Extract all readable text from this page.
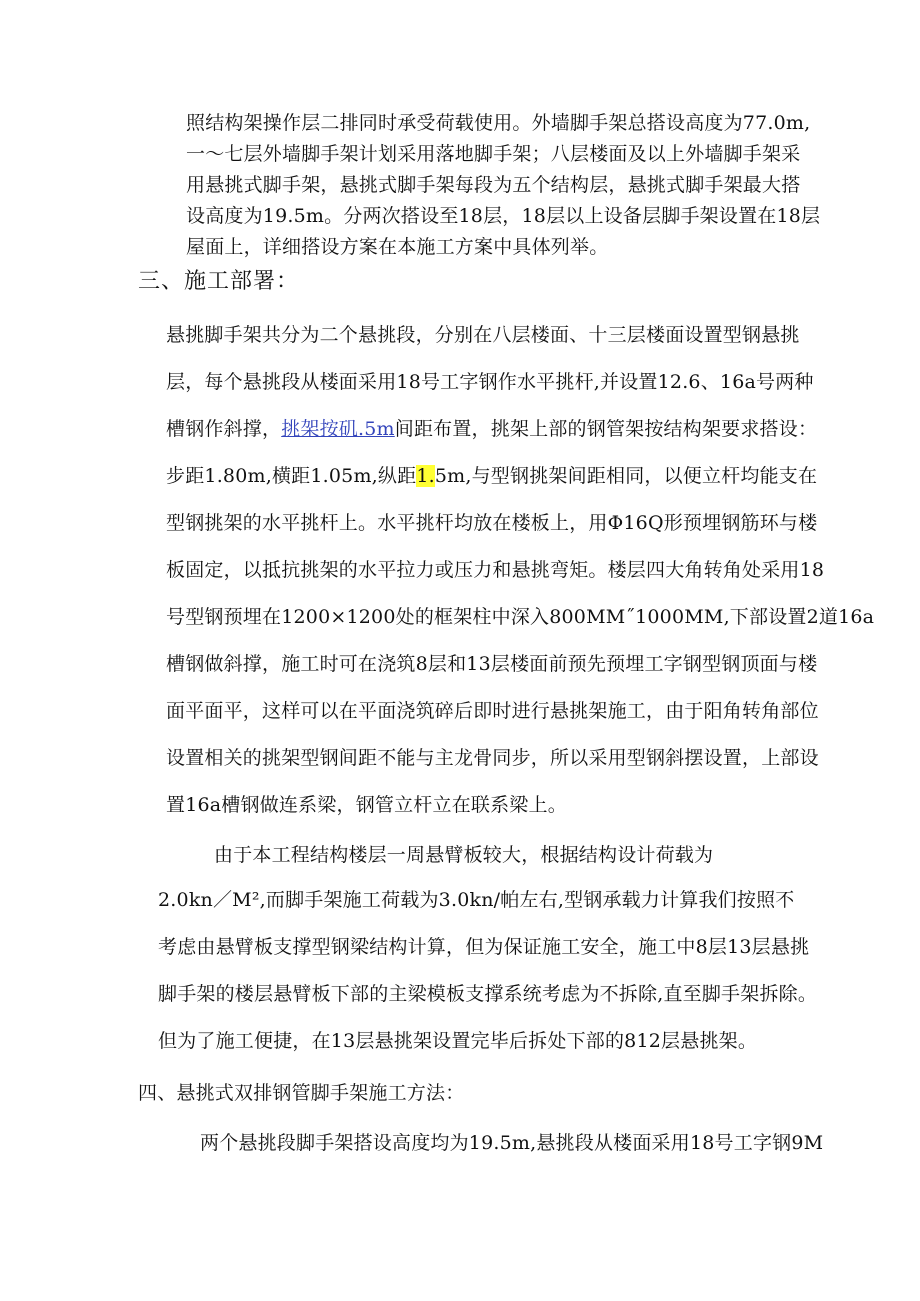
照结构架操作层二排同时承受荷载使用。外墙脚手架总搭设高度为77.0m,
一～七层外墙脚手架计划采用落地脚手架；八层楼面及以上外墙脚手架采
用悬挑式脚手架，悬挑式脚手架每段为五个结构层，悬挑式脚手架最大搭
设高度为19.5m。分两次搭设至18层，18层以上设备层脚手架设置在18层
屋面上，详细搭设方案在本施工方案中具体列举。
三、施工部署：
悬挑脚手架共分为二个悬挑段，分别在八层楼面、十三层楼面设置型钢悬挑
层，每个悬挑段从楼面采用18号工字钢作水平挑杆,并设置12.6、16a号两种
槽钢作斜撑，挑架按矶.5m间距布置，挑架上部的钢管架按结构架要求搭设：
步距1.80m,横距1.05m,纵距1.5m,与型钢挑架间距相同，以便立杆均能支在
型钢挑架的水平挑杆上。水平挑杆均放在楼板上，用Φ16Q形预埋钢筋环与楼
板固定，以抵抗挑架的水平拉力或压力和悬挑弯矩。楼层四大角转角处采用18
号型钢预埋在1200×1200处的框架柱中深入800MM˝1000MM,下部设置2道16a
槽钢做斜撑，施工时可在浇筑8层和13层楼面前预先预埋工字钢型钢顶面与楼
面平面平，这样可以在平面浇筑碎后即时进行悬挑架施工，由于阳角转角部位
设置相关的挑架型钢间距不能与主龙骨同步，所以采用型钢斜摆设置，上部设
置16a槽钢做连系梁，钢管立杆立在联系梁上。
由于本工程结构楼层一周悬臂板较大，根据结构设计荷载为
2.0kn／M²,而脚手架施工荷载为3.0kn/帕左右,型钢承载力计算我们按照不
考虑由悬臂板支撑型钢梁结构计算，但为保证施工安全，施工中8层13层悬挑
脚手架的楼层悬臂板下部的主梁模板支撑系统考虑为不拆除,直至脚手架拆除。
但为了施工便捷，在13层悬挑架设置完毕后拆处下部的812层悬挑架。
四、悬挑式双排钢管脚手架施工方法：
两个悬挑段脚手架搭设高度均为19.5m,悬挑段从楼面采用18号工字钢9M
